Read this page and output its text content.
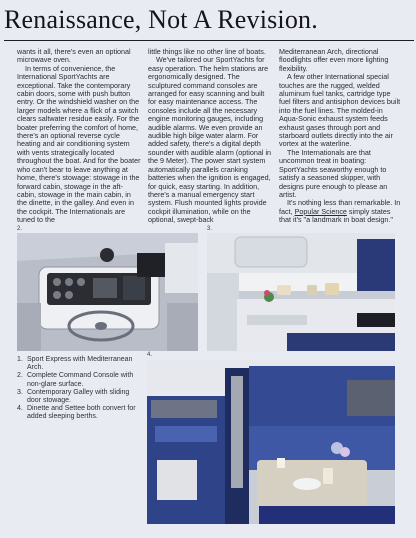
Renaissance, Not A Revision.

wants it all, there's even an optional microwave oven.

In terms of convenience, the International SportYachts are exceptional. Take the contemporary cabin doors, some with push button entry. Or the windshield washer on the larger models where a flick of a switch clears saltwater residue easily. For the boater preferring the comfort of home, there's an optional reverse cycle heating and air conditioning system with vents strategically located throughout the boat. And for the boater who can't bear to leave anything at home, there's stowage: stowage in the forward cabin, stowage in the aft-cabin, stowage in the main cabin, in the dinette, in the galley. And even in the cockpit. The Internationals are tuned to the

little things like no other line of boats.

We've tailored our SportYachts for easy operation. The helm stations are ergonomically designed. The sculptured command consoles are arranged for easy scanning and built for easy maintenance access. The consoles include all the necessary engine monitoring gauges, including audible alarms. We even provide an audible high bilge water alarm. For added safety, there's a digital depth sounder with audible alarm (optional in the 9 Meter). The power start system automatically parallels cranking batteries when the ignition is engaged, for quick, easy starting. In addition, there's a manual emergency start system. Flush mounted lights provide cockpit illumination, while on the optional, swept-back

Mediterranean Arch, directional floodlights offer even more lighting flexibility.

A few other International special touches are the rugged, welded aluminum fuel tanks, cartridge type fuel filters and antisiphon devices built into the fuel lines. The molded-in Aqua-Sonic exhaust system feeds exhaust gases through port and starboard outlets directly into the air vortex at the waterline.

The Internationals are that uncommon treat in boating: SportYachts seaworthy enough to satisfy a seasoned skipper, with designs pure enough to please an artist.

It's nothing less than remarkable. In fact, Popular Science simply states that it's "a landmark in boat design."

2.	3.
1. Sport Express with Mediterranean Arch.
2. Complete Command Console with non-glare surface.
3. Contemporary Galley with sliding door stowage.
4. Dinette and Settee both convert for added sleeping berths.
4.
